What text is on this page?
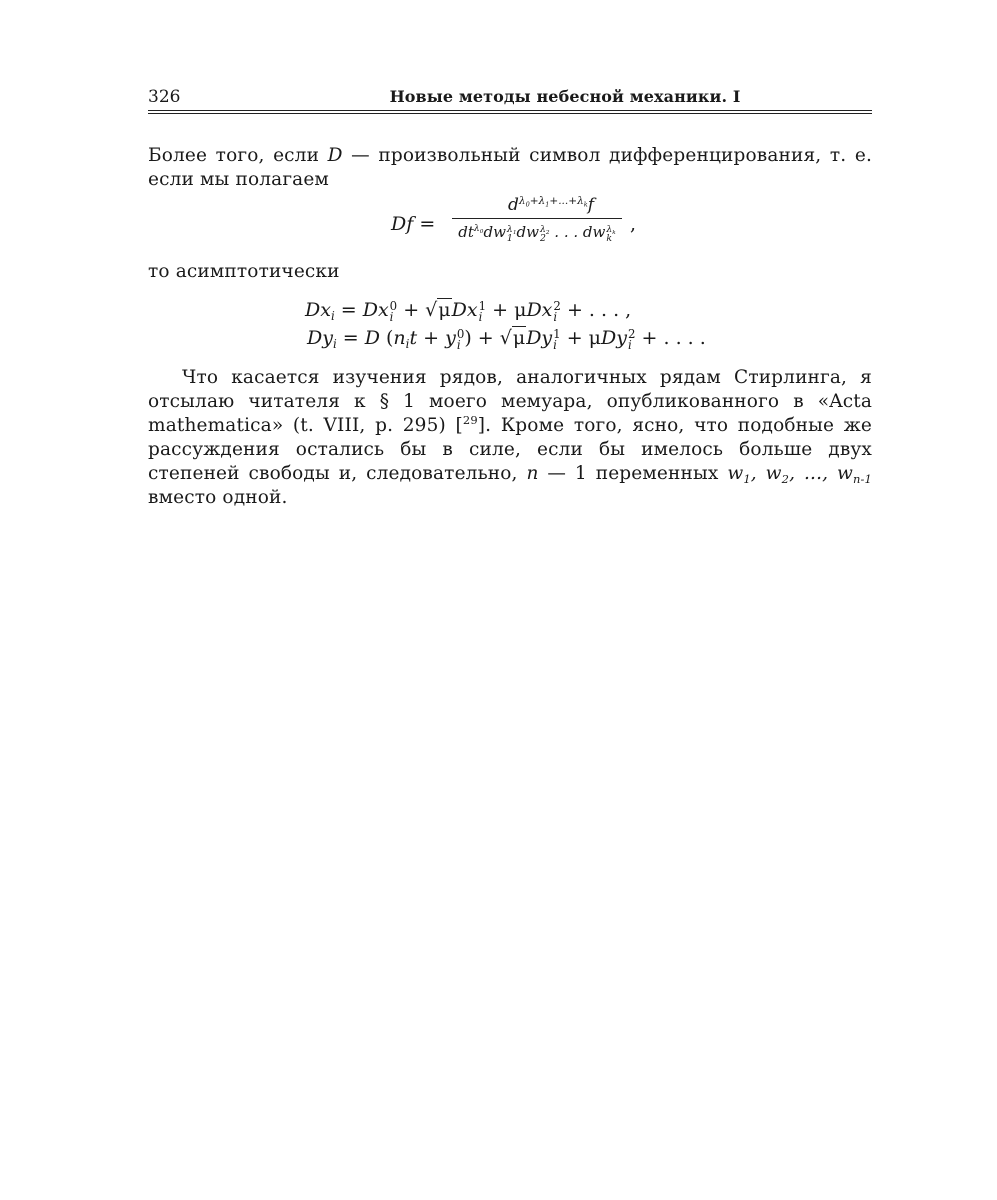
326	Новые методы небесной механики. I

Более того, если D — произвольный символ дифференцирования, т. е. если мы полагаем

Df =
$d^{\lambda_0+\lambda_1+...+\lambda_k}f$
$dt^{\lambda_0}dw$ $\lambda_1$
1 dw $\lambda_2$
2 . . . dw $\lambda_k$
k
,

то асимптотически

$Dx_i = Dx$ 0
i + √μDx 1
i + μDx 2
i + . . . ,
$Dy_i = D$ ($n_it + y$ 0
i ) + √μDy 1
i + μDy 2
i + . . . .

Что касается изучения рядов, аналогичных рядам Стирлинга, я отсылаю читателя к § 1 моего мемуара, опубликованного в «Acta mathematica» (t. VIII, p. 295) [$^{29}$]. Кроме того, ясно, что подобные же рассуждения остались бы в силе, если бы имелось больше двух степеней свободы и, следовательно, n — 1 переменных $w_1$, $w_2$, ..., $w_{n-1}$ вместо одной.
